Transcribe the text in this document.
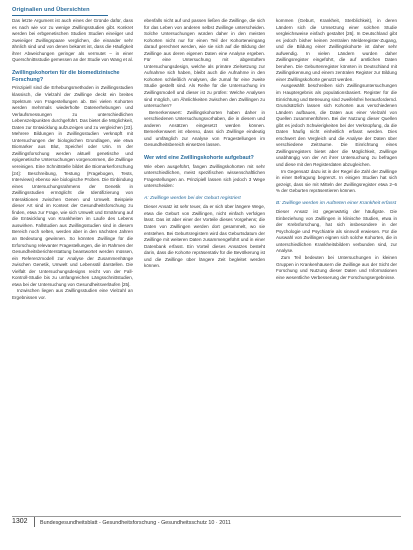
Originalien und Übersichten

Das letzte Argument ist auch eines der Gründe dafür, dass es nach wie vor zu wenige Zwillingsstudien gibt. Konkret werden bei erbgenetischen Studien Studien eineiiger und zweieiiger Zwillingspaare verglichen, die einander sehr ähnlich sind und von denen bekannt ist, dass die Häufigkeit ihrer Abweichungen geringer als vermutet – in einer Querschnittsstudie gemessen an der Studie von Wang et al.

Zwillingskohorten für die biomedizinische Forschung?

Prinzipiell sind die Erhebungsmethoden in Zwillingsstudien klassisch, die Vielzahl der Zwillinge deckt ein breites Spektrum von Fragestellungen ab. Bei vielen Kohorten werden mehrmals wiederholte Datenerhebungen und Verlaufsmessungen zu unterschiedlichen Lebenszeitpunkten durchgeführt. Das bietet die Möglichkeit, Daten zur Entwicklung aufzuzeigen und zu vergleichen [23]. Mehrere Bildungen in Zwillingsstudien verknüpft mit Untersuchungen der biologischen Grundlagen, wie etwa Biomarker aus Blut, Speichel oder Urin. In der Zwillingsforschung werden aktuell genetische und epigenetische Untersuchungen vorgenommen, die Zwillinge vereinigen. Eine Schnittstelle bildet die Biomarkerforschung [24]: Beschreibung, Testung (Fragebogen, Tests, Interviews) ebenso wie biologische Proben. Die Einbindung eines Untersuchungsrahmens der Genetik in Zwillingsstudien ermöglicht die Identifizierung von Interaktionen zwischen Genen und Umwelt. Beispiele dieser Art sind im Kontext der Gesundheitsforschung zu finden, etwa zur Frage, wie sich Umwelt und Ernährung auf die Entwicklung von Krankheiten im Laufe des Lebens auswirken. Fallstudien aus Zwillingsstudien sind in diesem Bereich noch selten, werden aber in den nächsten Jahren an Bedeutung gewinnen. So könnten Zwillinge für die Erforschung relevanter Fragestellungen, die im Rahmen der Gesundheitsberichterstattung beantwortet werden müssen, ein Referenzmodell zur Analyse der Zusammenhänge zwischen Genetik, Umwelt und Lebensstil darstellen. Die Vielfalt der Untersuchungsdesigns reicht von der Fall-Kontroll-Studie bis zu umfangreichen Längsschnittstudien, etwa bei der Untersuchung von Gesundheitsverläufen [25].

Inzwischen liegen aus Zwillingsstudien eine Vielzahl an Ergebnissen vor.

ebenfalls nicht auf und passen ließen die Zwillinge, die sich für das Leben von anderen selbst Zwillinge unterscheiden. Solche Untersuchungen würden daher in den meisten Kohorten nicht nur für einen Teil der Kohorteneingang darauf gerechnet werden, wie sie sich auf die Bildung der Zwillinge aus deren eigenen Daten eine Analyse ergeben. Für eine Untersuchung mit abgestuftem Untersuchungsdesign, welche als primäre Zielsetzung zur Aufnahme sich haben, bleibt auch die Aufnahme in den Kohorten schließlich Analysen, die zumal für eine zweite Studie gestellt sind. Als Reihe für die Untersuchung im Zwillingsmodell und dieser ist zu prüfen: Welche Analysen sind möglich, um Ähnlichkeiten zwischen den Zwillingen zu untersuchen?

Bemerkenswert: Zwillingskohorten haben daher in verschiedenen Untersuchungsvorhaben, die in diesem und anderen Ansätzen eingesetzt werden können. Bemerkenswert ist ebenso, dass sich Zwillinge eindeutig und umfänglich zur Analyse von Fragestellungen im Gesundheitsbereich einsetzen lassen.

Wer wird eine Zwillingskohorte aufgebaut?

Wie eben ausgeführt, fangen Zwillingskohorten mit sehr unterschiedlichen, meist spezifischen wissenschaftlichen Fragestellungen an. Prinzipiell lassen sich jedoch 3 Wege unterscheiden:

A: Zwillinge werden bei der Geburt registriert

Dieser Ansatz ist sehr teuer, da er sich über längere Wege, etwa die Geburt von Zwillingen, nicht einfach verfolgen lässt. Das ist aber einer der Vorteile dieses Vorgehens; die Daten von Zwillingen werden dort gesammelt, wo sie entstehen. Bei Geburtsregistern wird das Geburtsdatum der Zwillinge mit weiteren Daten zusammengeführt und in einer Datenbank erfasst. Ein Vorteil dieses Ansatzes besteht darin, dass die Kohorte repräsentativ für die Bevölkerung ist und die Zwillinge über längere Zeit begleitet werden können.

kommen (Geburt, Krankheit, Sterblichkeit), in deren Ländern sich die Umsetzung einer solchen Studie vergleichsweise einfach gestaltet [26]. In Deutschland gibt es jedoch bisher keinen zentralen Melderegister-Zugang, und die Bildung einer Zwillingskohorte ist daher sehr aufwendig. In vielen Ländern wurden daher Zwillingsregister eingeführt, die auf amtlichen Daten beruhen. Die Geburtenregister könnten in Deutschland mit Zwillingskennung und einem zentralen Register zur Bildung einer Zwillingskohorte genutzt werden.

Ausgewählt beschreiben sich Zwillingsuntersuchungen im Hauptergebnis als populationsbasiert. Register für die Einrichtung und Betreuung sind zweifelsfrei herausfordernd. Grundsätzlich lassen sich Kohorten aus verschiedenen Ländern aufbauen, die Daten aus einer Vielzahl von Quellen zusammenführen. Bei der Nutzung dieser Quellen gibt es jedoch Schwierigkeiten bei der Verknüpfung, da die Daten häufig nicht einheitlich erfasst werden. Dies erschwert den Vergleich und die Analyse der Daten über verschiedene Zeiträume. Die Einrichtung eines Zwillingsregisters bietet aber die Möglichkeit, Zwillinge unabhängig von der Art ihrer Untersuchung zu befragen und diese mit den Registerdaten abzugleichen.

Im Gegensatz dazu ist in der Regel die Zahl der Zwillinge in einer Befragung begrenzt. In einigen Studien hat sich gezeigt, dass sie mit Mitteln der Zwillingsregister etwa 2–6 % der Geburten repräsentieren können.

B: Zwillinge werden im Auftreten einer Krankheit erfasst

Dieser Ansatz ist gegenwärtig der häufigste. Die Einbeziehung von Zwillingen in klinische Studien, etwa in der Krebsforschung, hat sich insbesondere in der Psychologie und Psychiatrie als sinnvoll erwiesen. Für die Auswahl von Zwillingen eignen sich solche Kohorten, die in unterschiedlichen Krankheitsbildern verbunden sind, zur Analyse.

Zum Teil bedeuten bei Untersuchungen in kleinen Gruppen in Krankenhäusern die Zwillinge aus der Sicht der Forschung und Nutzung dieser Daten und Informationen eine wesentliche Verbesserung der Forschungsergebnisse.

1302 Bundesgesundheitsblatt - Gesundheitsforschung - Gesundheitsschutz 10 · 2011
